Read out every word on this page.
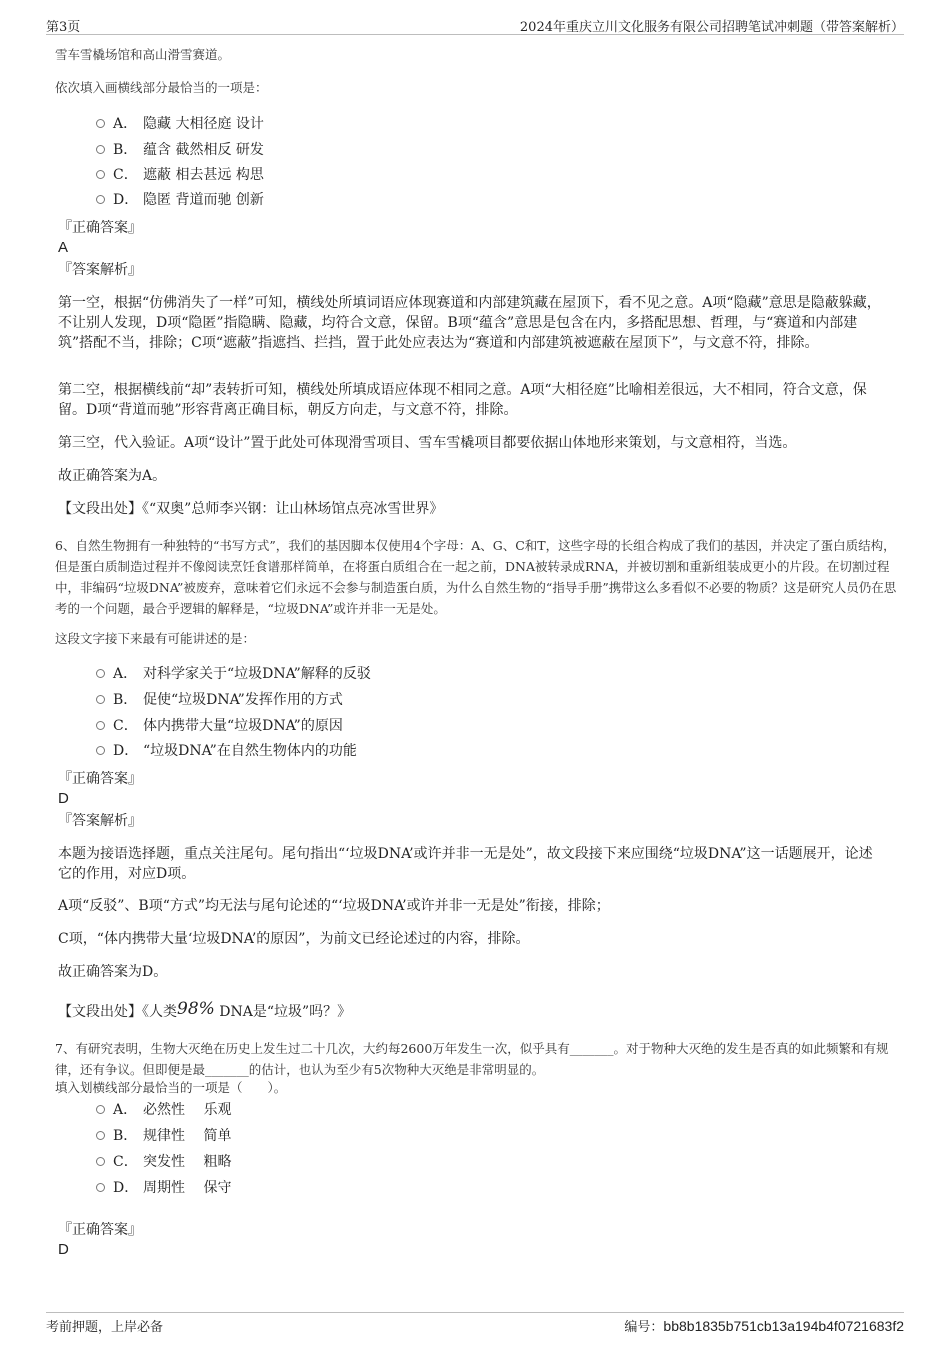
第3页	2024年重庆立川文化服务有限公司招聘笔试冲刺题（带答案解析）
雪车雪橇场馆和高山滑雪赛道。
依次填入画横线部分最恰当的一项是：
A． 隐藏 大相径庭 设计
B． 蕴含 截然相反 研发
C． 遮蔽 相去甚远 构思
D． 隐匿 背道而驰 创新
『正确答案』
A
『答案解析』
第一空，根据“仿佛消失了一样”可知，横线处所填词语应体现赛道和内部建筑藏在屋顶下，看不见之意。A项“隐藏”意思是隐蔽躲藏，不让别人发现，D项“隐匿”指隐瞒、隐藏，均符合文意，保留。B项“蕴含”意思是包含在内，多搭配思想、哲理，与“赛道和内部建筑”搭配不当，排除；C项“遮蔽”指遮挡、拦挡，置于此处应表达为“赛道和内部建筑被遮蔽在屋顶下”，与文意不符，排除。
第二空，根据横线前“却”表转折可知，横线处所填成语应体现不相同之意。A项“大相径庭”比喻相差很远，大不相同，符合文意，保留。D项“背道而驰”形容背离正确目标，朝反方向走，与文意不符，排除。
第三空，代入验证。A项“设计”置于此处可体现滑雪项目、雪车雪橇项目都要依据山体地形来策划，与文意相符，当选。
故正确答案为A。
【文段出处】《“双奥”总师李兴钢：让山林场馆点亮冰雪世界》
6、自然生物拥有一种独特的“书写方式”，我们的基因脚本仅使用4个字母：A、G、C和T，这些字母的长组合构成了我们的基因，并决定了蛋白质结构，但是蛋白质制造过程并不像阅读烹饪食谱那样简单，在将蛋白质组合在一起之前，DNA被转录成RNA，并被切割和重新组装成更小的片段。在切割过程中，非编码“垃圾DNA”被废弃，意味着它们永远不会参与制造蛋白质，为什么自然生物的“指导手册”携带这么多看似不必要的物质？这是研究人员仍在思考的一个问题，最合乎逻辑的解释是，“垃圾DNA”或许并非一无是处。
这段文字接下来最有可能讲述的是：
A． 对科学家关于“垃圾DNA”解释的反驳
B． 促使“垃圾DNA”发挥作用的方式
C． 体内携带大量“垃圾DNA”的原因
D． “垃圾DNA”在自然生物体内的功能
『正确答案』
D
『答案解析』
本题为接语选择题，重点关注尾句。尾句指出“‘垃圾DNA’或许并非一无是处”，故文段接下来应围绕“垃圾DNA”这一话题展开，论述它的作用，对应D项。
A项“反驳”、B项“方式”均无法与尾句论述的“‘垃圾DNA’或许并非一无是处”衔接，排除；
C项，“体内携带大量‘垃圾DNA’的原因”，为前文已经论述过的内容，排除。
故正确答案为D。
【文段出处】《人类98% DNA是“垃圾”吗？》
7、有研究表明，生物大灭绝在历史上发生过二十几次，大约每2600万年发生一次，似乎具有_______。对于物种大灭绝的发生是否真的如此频繁和有规律，还有争议。但即便是最_______的估计，也认为至少有5次物种大灭绝是非常明显的。
填入划横线部分最恰当的一项是（　　）。
A． 必然性　 乐观
B． 规律性　 简单
C． 突发性　 粗略
D． 周期性　 保守
『正确答案』
D
考前押题，上岸必备	编号：bb8b1835b751cb13a194b4f0721683f2
